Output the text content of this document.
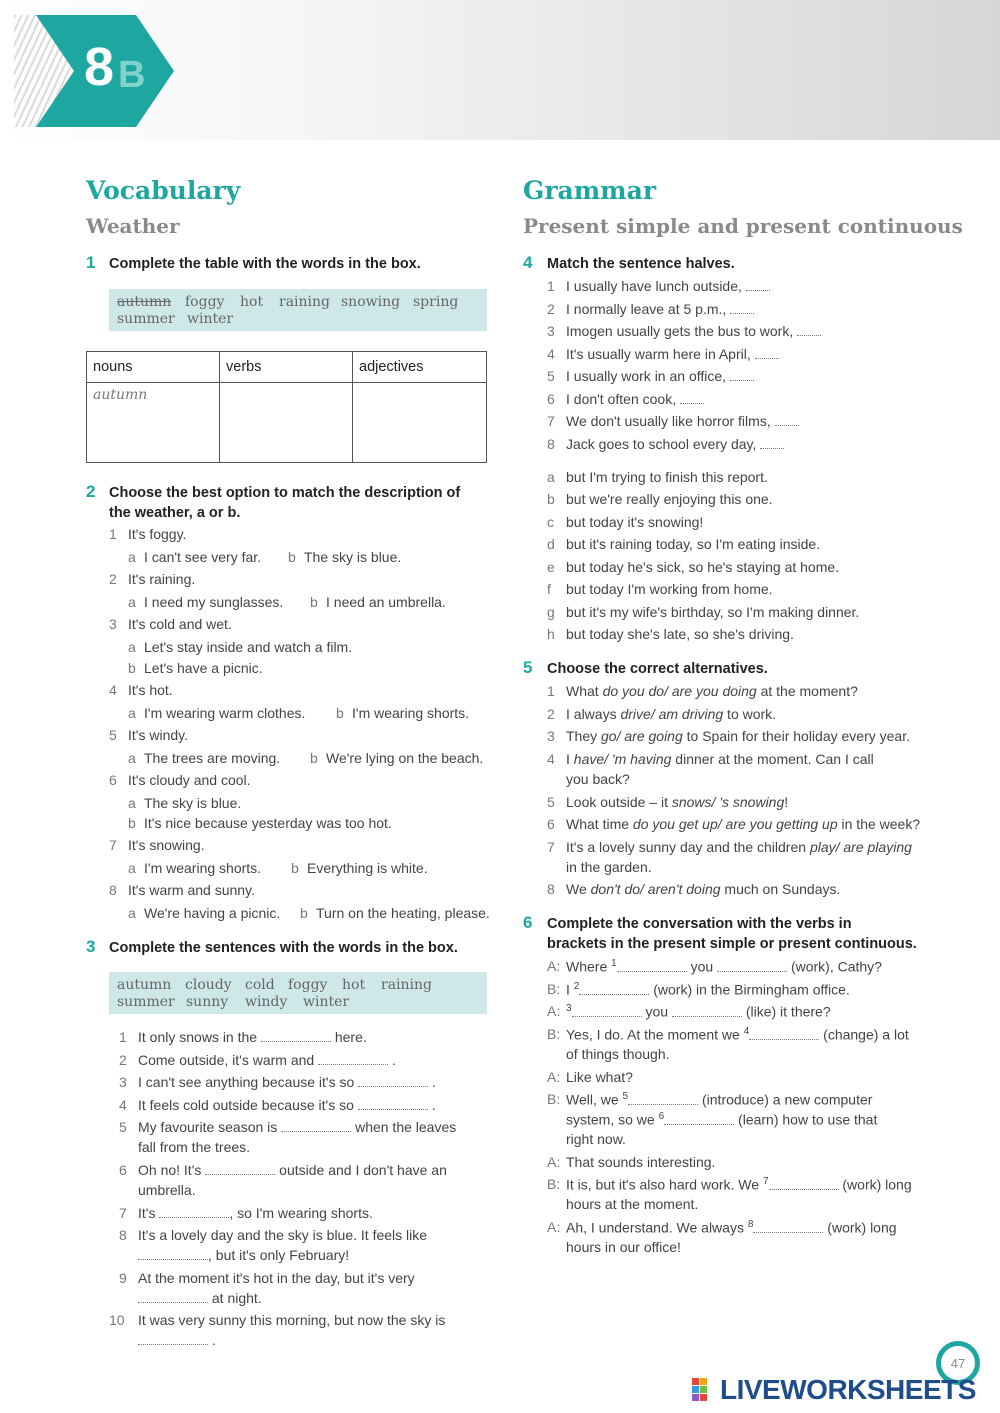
8 B
Vocabulary
Weather
1 Complete the table with the words in the box.
autumn foggy hot raining snowing spring
summer winter
nouns	verbs	adjectives
autumn		
2 Choose the best option to match the description of
the weather, a or b.
1 It's foggy.
a I can't see very far. b The sky is blue.
2 It's raining.
a I need my sunglasses. b I need an umbrella.
3 It's cold and wet.
a Let's stay inside and watch a film.
b Let's have a picnic.
4 It's hot.
a I'm wearing warm clothes. b I'm wearing shorts.
5 It's windy.
a The trees are moving. b We're lying on the beach.
6 It's cloudy and cool.
a The sky is blue.
b It's nice because yesterday was too hot.
7 It's snowing.
a I'm wearing shorts. b Everything is white.
8 It's warm and sunny.
a We're having a picnic. b Turn on the heating, please.
3 Complete the sentences with the words in the box.
autumn cloudy cold foggy hot raining
summer sunny windy winter
1 It only snows in the	here.
2 Come outside, it's warm and	.
3 I can't see anything because it's so	.
4 It feels cold outside because it's so	.
5 My favourite season is	when the leaves
fall from the trees.
6 Oh no! It's	outside and I don't have an
umbrella.
7 It's	, so I'm wearing shorts.
8 It's a lovely day and the sky is blue. It feels like
, but it's only February!
9 At the moment it's hot in the day, but it's very
at night.
10 It was very sunny this morning, but now the sky is
.
Grammar
Present simple and present continuous
4 Match the sentence halves.
1 I usually have lunch outside,
2 I normally leave at 5 p.m.,
3 Imogen usually gets the bus to work,
4 It's usually warm here in April,
5 I usually work in an office,
6 I don't often cook,
7 We don't usually like horror films,
8 Jack goes to school every day,
a but I'm trying to finish this report.
b but we're really enjoying this one.
c but today it's snowing!
d but it's raining today, so I'm eating inside.
e but today he's sick, so he's staying at home.
f but today I'm working from home.
g but it's my wife's birthday, so I'm making dinner.
h but today she's late, so she's driving.
5 Choose the correct alternatives.
1 What do you do/ are you doing at the moment?
2 I always drive/ am driving to work.
3 They go/ are going to Spain for their holiday every year.
4 I have/ 'm having dinner at the moment. Can I call
you back?
5 Look outside – it snows/ 's snowing!
6 What time do you get up/ are you getting up in the week?
7 It's a lovely sunny day and the children play/ are playing
in the garden.
8 We don't do/ aren't doing much on Sundays.
6 Complete the conversation with the verbs in
brackets in the present simple or present continuous.
A: Where $^1$	you	(work), Cathy?
B: I $^2$	(work) in the Birmingham office.
A: $^3$	you	(like) it there?
B: Yes, I do. At the moment we $^4$	(change) a lot
of things though.
A: Like what?
B: Well, we $^5$	(introduce) a new computer
system, so we $^6$	(learn) how to use that
right now.
A: That sounds interesting.
B: It is, but it's also hard work. We $^7$	(work) long
hours at the moment.
A: Ah, I understand. We always $^8$	(work) long
hours in our office!
47
LIVEWORKSHEETS
